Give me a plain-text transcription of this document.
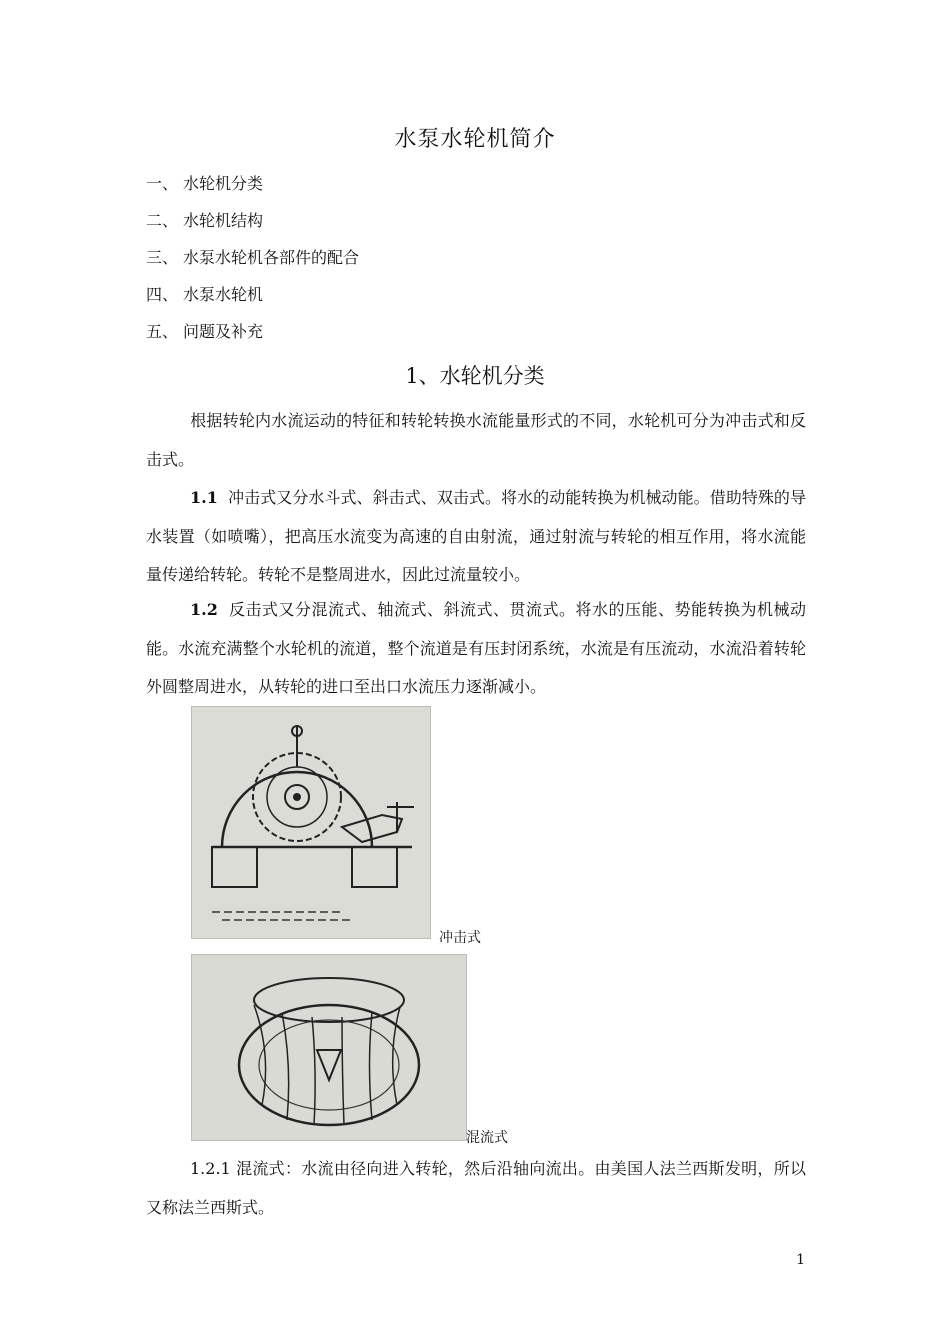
水泵水轮机简介
一、 水轮机分类
二、 水轮机结构
三、 水泵水轮机各部件的配合
四、 水泵水轮机
五、 问题及补充
1、水轮机分类
根据转轮内水流运动的特征和转轮转换水流能量形式的不同，水轮机可分为冲击式和反击式。
1.1 冲击式又分水斗式、斜击式、双击式。将水的动能转换为机械动能。借助特殊的导水装置（如喷嘴），把高压水流变为高速的自由射流，通过射流与转轮的相互作用，将水流能量传递给转轮。转轮不是整周进水，因此过流量较小。
1.2 反击式又分混流式、轴流式、斜流式、贯流式。将水的压能、势能转换为机械动能。水流充满整个水轮机的流道，整个流道是有压封闭系统，水流是有压流动，水流沿着转轮外圆整周进水，从转轮的进口至出口水流压力逐渐减小。
冲击式
混流式
1.2.1 混流式：水流由径向进入转轮，然后沿轴向流出。由美国人法兰西斯发明，所以又称法兰西斯式。
1
